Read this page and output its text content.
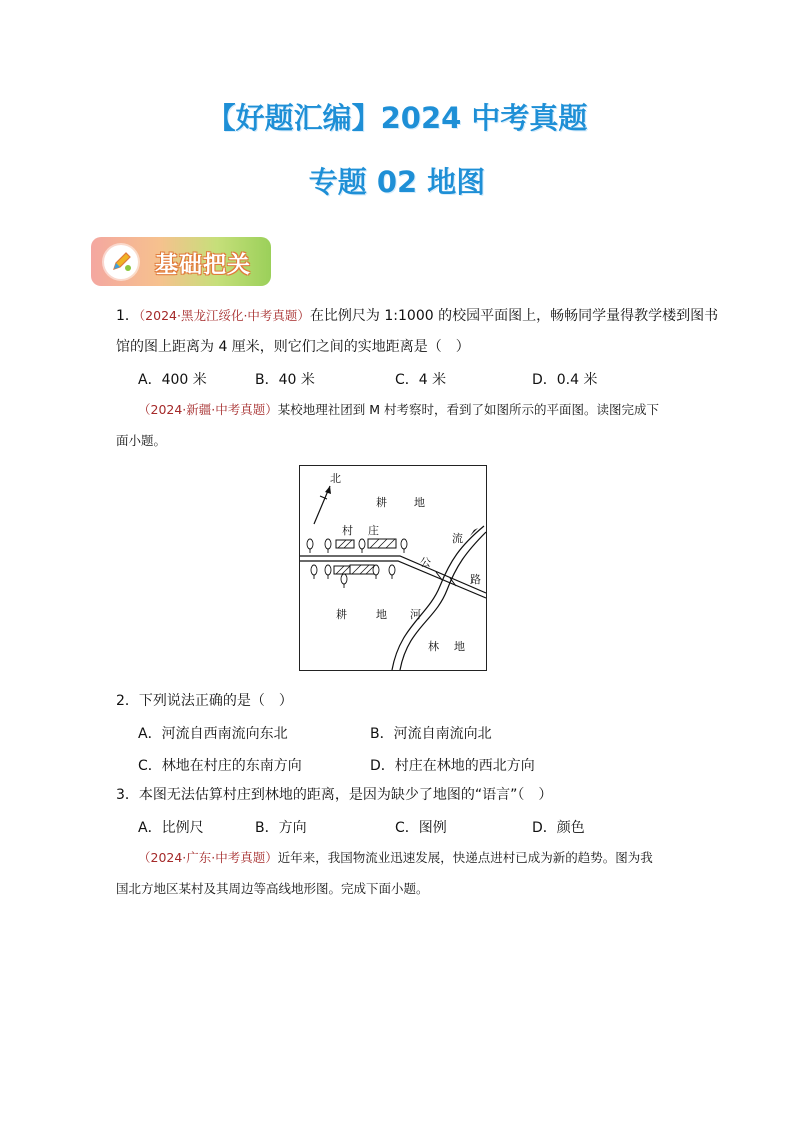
【好题汇编】2024 中考真题
专题 02 地图
基础把关
1．（2024·黑龙江绥化·中考真题）在比例尺为 1:1000 的校园平面图上，畅畅同学量得教学楼到图书
馆的图上距离为 4 厘米，则它们之间的实地距离是（　）
A．400 米	B．40 米	C．4 米	D．0.4 米
（2024·新疆·中考真题）某校地理社团到 M 村考察时，看到了如图所示的平面图。读图完成下
面小题。
北
耕 地
村 庄
流
公
路
耕	地 河
林 地
2．下列说法正确的是（　）
A．河流自西南流向东北	B．河流自南流向北
C．林地在村庄的东南方向	D．村庄在林地的西北方向
3．本图无法估算村庄到林地的距离，是因为缺少了地图的“语言”（　）
A．比例尺	B．方向	C．图例	D．颜色
（2024·广东·中考真题）近年来，我国物流业迅速发展，快递点进村已成为新的趋势。图为我
国北方地区某村及其周边等高线地形图。完成下面小题。
